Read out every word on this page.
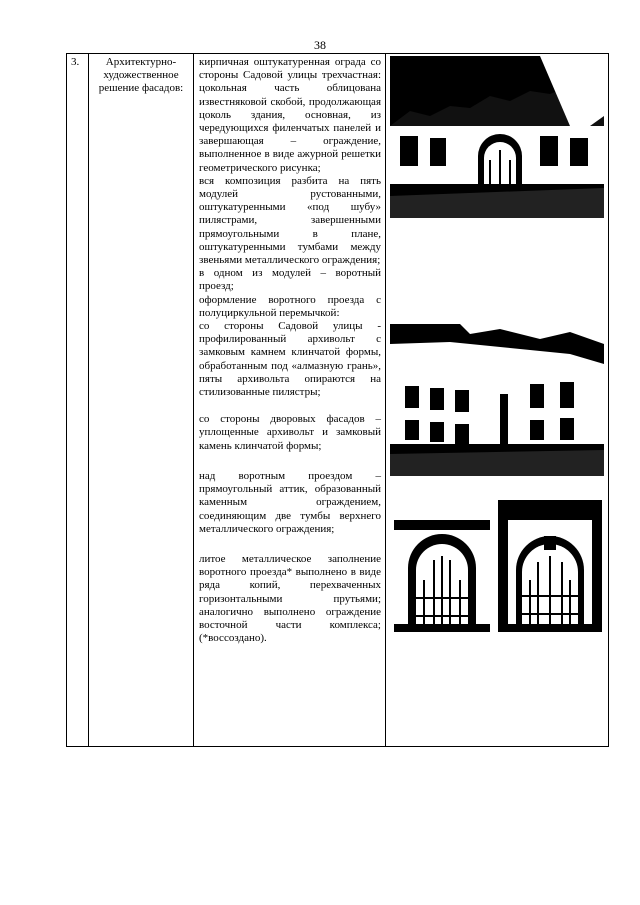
38
3.	Архитектурно-художественное решение фасадов:

кирпичная оштукатуренная ограда со стороны Садовой улицы трехчастная: цокольная часть облицована известняковой скобой, продолжающая цоколь здания, основная, из чередующихся филенчатых панелей и завершающая – ограждение, выполненное в виде ажурной решетки геометрического рисунка;

вся композиция разбита на пять модулей рустованными, оштукатуренными «под шубу» пилястрами, завершенными прямоугольными в плане, оштукатуренными тумбами между звеньями металлического ограждения;

в одном из модулей – воротный проезд;

оформление воротного проезда с полуциркульной перемычкой:

со стороны Садовой улицы - профилированный архивольт с замковым камнем клинчатой формы, обработанным под «алмазную грань», пяты архивольта опираются на стилизованные пилястры;

со стороны дворовых фасадов – уплощенные архивольт и замковый камень клинчатой формы;

над воротным проездом – прямоугольный аттик, образованный каменным ограждением, соединяющим две тумбы верхнего металлического ограждения;

литое металлическое заполнение воротного проезда* выполнено в виде ряда копий, перехваченных горизонтальными прутьями; аналогично выполнено ограждение восточной части комплекса; (*воссоздано).
